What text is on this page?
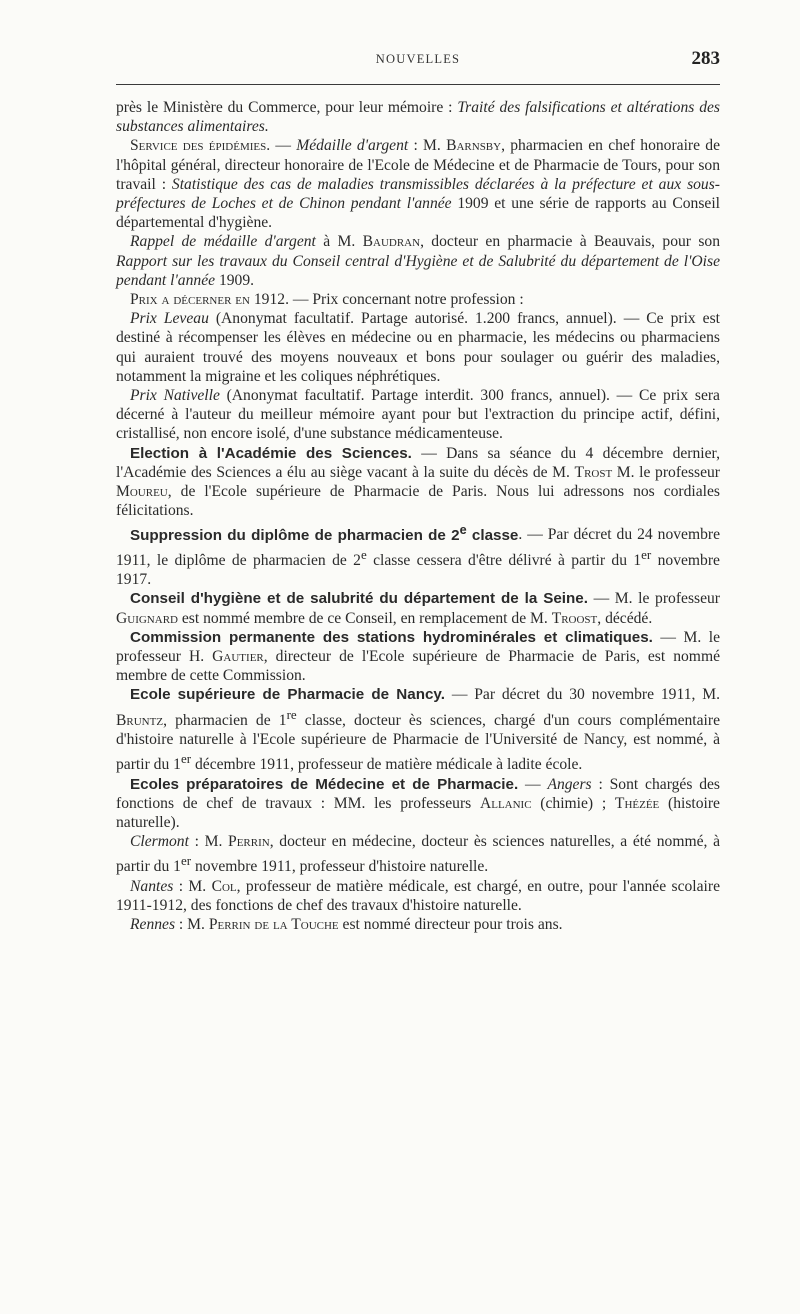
NOUVELLES	283

près le Ministère du Commerce, pour leur mémoire : Traité des falsifications et altérations des substances alimentaires.

Service des épidémies. — Médaille d'argent : M. Barnsby, pharmacien en chef honoraire de l'hôpital général, directeur honoraire de l'Ecole de Médecine et de Pharmacie de Tours, pour son travail : Statistique des cas de maladies transmissibles déclarées à la préfecture et aux sous-préfectures de Loches et de Chinon pendant l'année 1909 et une série de rapports au Conseil départemental d'hygiène.

Rappel de médaille d'argent à M. Baudran, docteur en pharmacie à Beauvais, pour son Rapport sur les travaux du Conseil central d'Hygiène et de Salubrité du département de l'Oise pendant l'année 1909.

Prix a décerner en 1912. — Prix concernant notre profession :

Prix Leveau (Anonymat facultatif. Partage autorisé. 1.200 francs, annuel). — Ce prix est destiné à récompenser les élèves en médecine ou en pharmacie, les médecins ou pharmaciens qui auraient trouvé des moyens nouveaux et bons pour soulager ou guérir des maladies, notamment la migraine et les coliques néphrétiques.

Prix Nativelle (Anonymat facultatif. Partage interdit. 300 francs, annuel). — Ce prix sera décerné à l'auteur du meilleur mémoire ayant pour but l'extraction du principe actif, défini, cristallisé, non encore isolé, d'une substance médicamenteuse.

Election à l'Académie des Sciences. — Dans sa séance du 4 décembre dernier, l'Académie des Sciences a élu au siège vacant à la suite du décès de M. Trost M. le professeur Moureu, de l'Ecole supérieure de Pharmacie de Paris. Nous lui adressons nos cordiales félicitations.

Suppression du diplôme de pharmacien de 2e classe. — Par décret du 24 novembre 1911, le diplôme de pharmacien de 2e classe cessera d'être délivré à partir du 1er novembre 1917.

Conseil d'hygiène et de salubrité du département de la Seine. — M. le professeur Guignard est nommé membre de ce Conseil, en remplacement de M. Troost, décédé.

Commission permanente des stations hydrominérales et climatiques. — M. le professeur H. Gautier, directeur de l'Ecole supérieure de Pharmacie de Paris, est nommé membre de cette Commission.

Ecole supérieure de Pharmacie de Nancy. — Par décret du 30 novembre 1911, M. Bruntz, pharmacien de 1re classe, docteur ès sciences, chargé d'un cours complémentaire d'histoire naturelle à l'Ecole supérieure de Pharmacie de l'Université de Nancy, est nommé, à partir du 1er décembre 1911, professeur de matière médicale à ladite école.

Ecoles préparatoires de Médecine et de Pharmacie. — Angers : Sont chargés des fonctions de chef de travaux : MM. les professeurs Allanic (chimie) ; Thézée (histoire naturelle).

Clermont : M. Perrin, docteur en médecine, docteur ès sciences naturelles, a été nommé, à partir du 1er novembre 1911, professeur d'histoire naturelle.

Nantes : M. Col, professeur de matière médicale, est chargé, en outre, pour l'année scolaire 1911-1912, des fonctions de chef des travaux d'histoire naturelle.

Rennes : M. Perrin de la Touche est nommé directeur pour trois ans.
